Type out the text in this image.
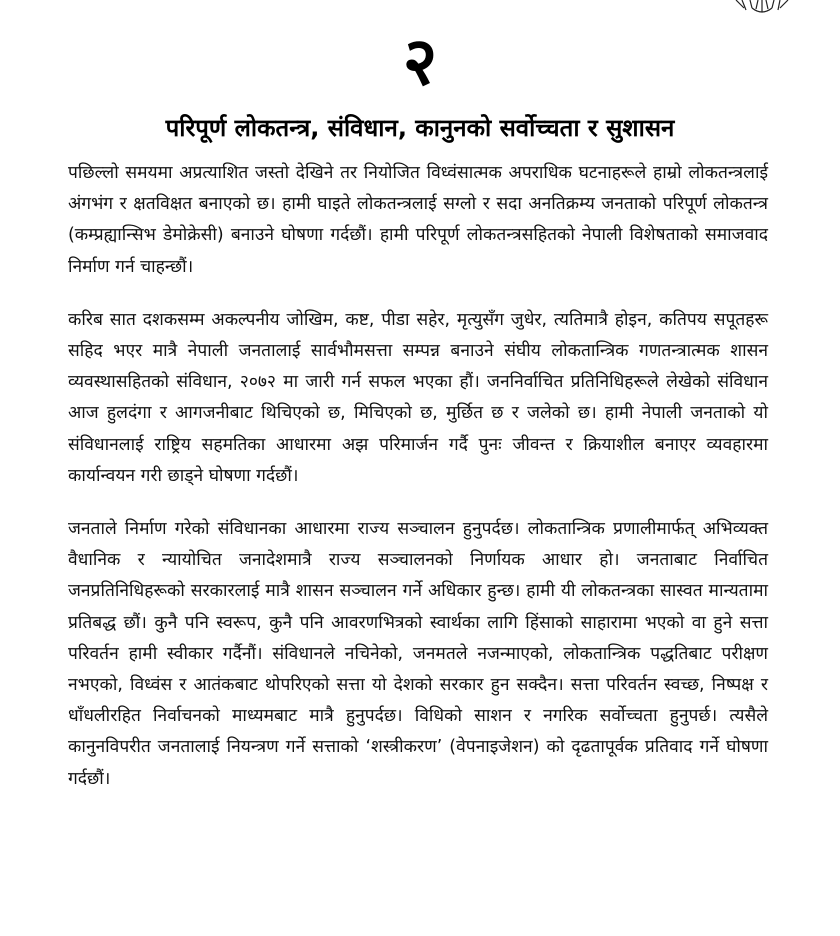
२
परिपूर्ण लोकतन्त्र, संविधान, कानुनको सर्वोच्चता र सुशासन

पछिल्लो समयमा अप्रत्याशित जस्तो देखिने तर नियोजित विध्वंसात्मक अपराधिक घटनाहरूले हाम्रो लोकतन्त्रलाई अंगभंग र क्षतविक्षत बनाएको छ। हामी घाइते लोकतन्त्रलाई सग्लो र सदा अनतिक्रम्य जनताको परिपूर्ण लोकतन्त्र (कम्प्रह्यान्सिभ डेमोक्रेसी) बनाउने घोषणा गर्दछौं। हामी परिपूर्ण लोकतन्त्रसहितको नेपाली विशेषताको समाजवाद निर्माण गर्न चाहन्छौं।

करिब सात दशकसम्म अकल्पनीय जोखिम, कष्ट, पीडा सहेर, मृत्युसँग जुधेर, त्यतिमात्रै होइन, कतिपय सपूतहरू सहिद भएर मात्रै नेपाली जनतालाई सार्वभौमसत्ता सम्पन्न बनाउने संघीय लोकतान्त्रिक गणतन्त्रात्मक शासन व्यवस्थासहितको संविधान, २०७२ मा जारी गर्न सफल भएका हौं। जननिर्वाचित प्रतिनिधिहरूले लेखेको संविधान आज हुलदंगा र आगजनीबाट थिचिएको छ, मिचिएको छ, मुर्छित छ र जलेको छ। हामी नेपाली जनताको यो संविधानलाई राष्ट्रिय सहमतिका आधारमा अझ परिमार्जन गर्दै पुनः जीवन्त र क्रियाशील बनाएर व्यवहारमा कार्यान्वयन गरी छाड्ने घोषणा गर्दछौं।

जनताले निर्माण गरेको संविधानका आधारमा राज्य सञ्चालन हुनुपर्दछ। लोकतान्त्रिक प्रणालीमार्फत् अभिव्यक्त वैधानिक र न्यायोचित जनादेशमात्रै राज्य सञ्चालनको निर्णायक आधार हो। जनताबाट निर्वाचित जनप्रतिनिधिहरूको सरकारलाई मात्रै शासन सञ्चालन गर्ने अधिकार हुन्छ। हामी यी लोकतन्त्रका सास्वत मान्यतामा प्रतिबद्ध छौं। कुनै पनि स्वरूप, कुनै पनि आवरणभित्रको स्वार्थका लागि हिंसाको साहारामा भएको वा हुने सत्ता परिवर्तन हामी स्वीकार गर्दैनौं। संविधानले नचिनेको, जनमतले नजन्माएको, लोकतान्त्रिक पद्धतिबाट परीक्षण नभएको, विध्वंस र आतंकबाट थोपरिएको सत्ता यो देशको सरकार हुन सक्दैन। सत्ता परिवर्तन स्वच्छ, निष्पक्ष र धाँधलीरहित निर्वाचनको माध्यमबाट मात्रै हुनुपर्दछ। विधिको साशन र नगरिक सर्वोच्चता हुनुपर्छ। त्यसैले कानुनविपरीत जनतालाई नियन्त्रण गर्ने सत्ताको ‘शस्त्रीकरण’ (वेपनाइजेशन) को दृढतापूर्वक प्रतिवाद गर्ने घोषणा गर्दछौं।
